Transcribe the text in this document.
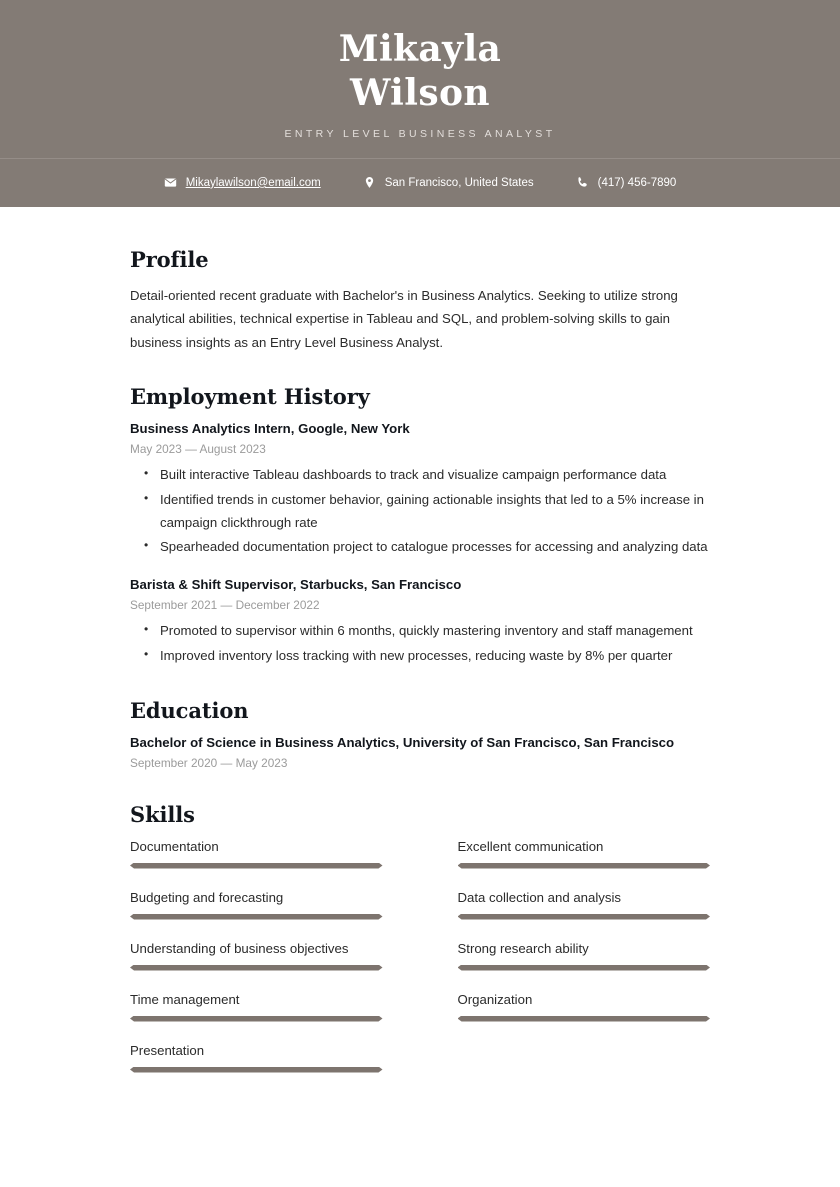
Mikayla
Wilson
ENTRY LEVEL BUSINESS ANALYST
Mikaylawilson@email.com	San Francisco, United States	(417) 456-7890
Profile

Detail-oriented recent graduate with Bachelor's in Business Analytics. Seeking to utilize strong analytical abilities, technical expertise in Tableau and SQL, and problem-solving skills to gain business insights as an Entry Level Business Analyst.

Employment History
Business Analytics Intern, Google, New York
May 2023 — August 2023
• Built interactive Tableau dashboards to track and visualize campaign performance data
• Identified trends in customer behavior, gaining actionable insights that led to a 5% increase in campaign clickthrough rate
• Spearheaded documentation project to catalogue processes for accessing and analyzing data
Barista & Shift Supervisor, Starbucks, San Francisco
September 2021 — December 2022
• Promoted to supervisor within 6 months, quickly mastering inventory and staff management
• Improved inventory loss tracking with new processes, reducing waste by 8% per quarter
Education
Bachelor of Science in Business Analytics, University of San Francisco, San Francisco
September 2020 — May 2023
Skills
Documentation
Budgeting and forecasting
Understanding of business objectives
Time management
Presentation
Excellent communication
Data collection and analysis
Strong research ability
Organization
